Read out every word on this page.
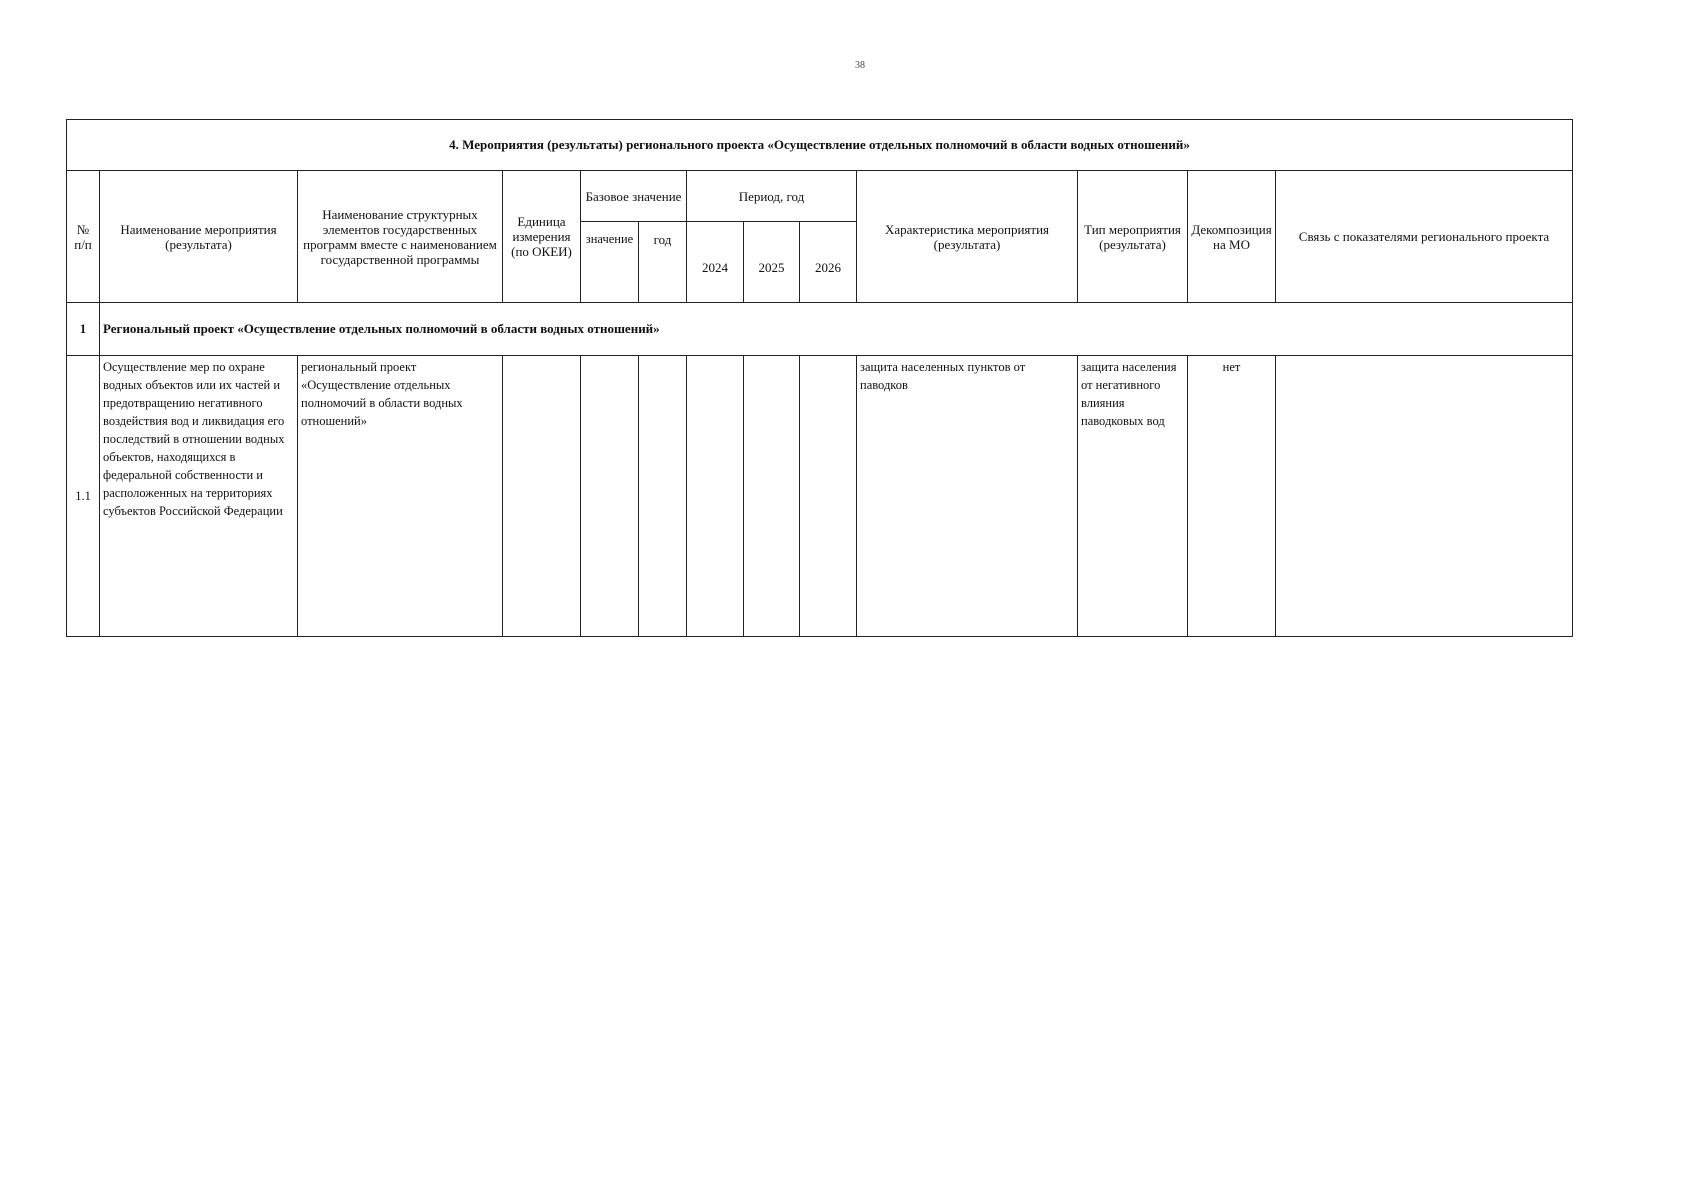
38
4. Мероприятия (результаты) регионального проекта «Осуществление отдельных полномочий в области водных отношений»												
№ п/п	Наименование мероприятия (результата)	Наименование структурных элементов государственных программ вместе с наименованием государственной программы	Единица измерения (по ОКЕИ)	Базовое значение		Период, год			Характеристика мероприятия (результата)	Тип мероприятия (результата)	Декомпозиция на МО	Связь с показателями регионального проекта
				значение	год	2024	2025	2026				
1	Региональный проект «Осуществление отдельных полномочий в области водных отношений»											
1.1	Осуществление мер по охране водных объектов или их частей и предотвращению негативного воздействия вод и ликвидация его последствий в отношении водных объектов, находящихся в федеральной собственности и расположенных на территориях субъектов Российской Федерации	региональный проект «Осуществление отдельных полномочий в области водных отношений»							защита населенных пунктов от паводков	защита населения от негативного влияния паводковых вод	нет	
